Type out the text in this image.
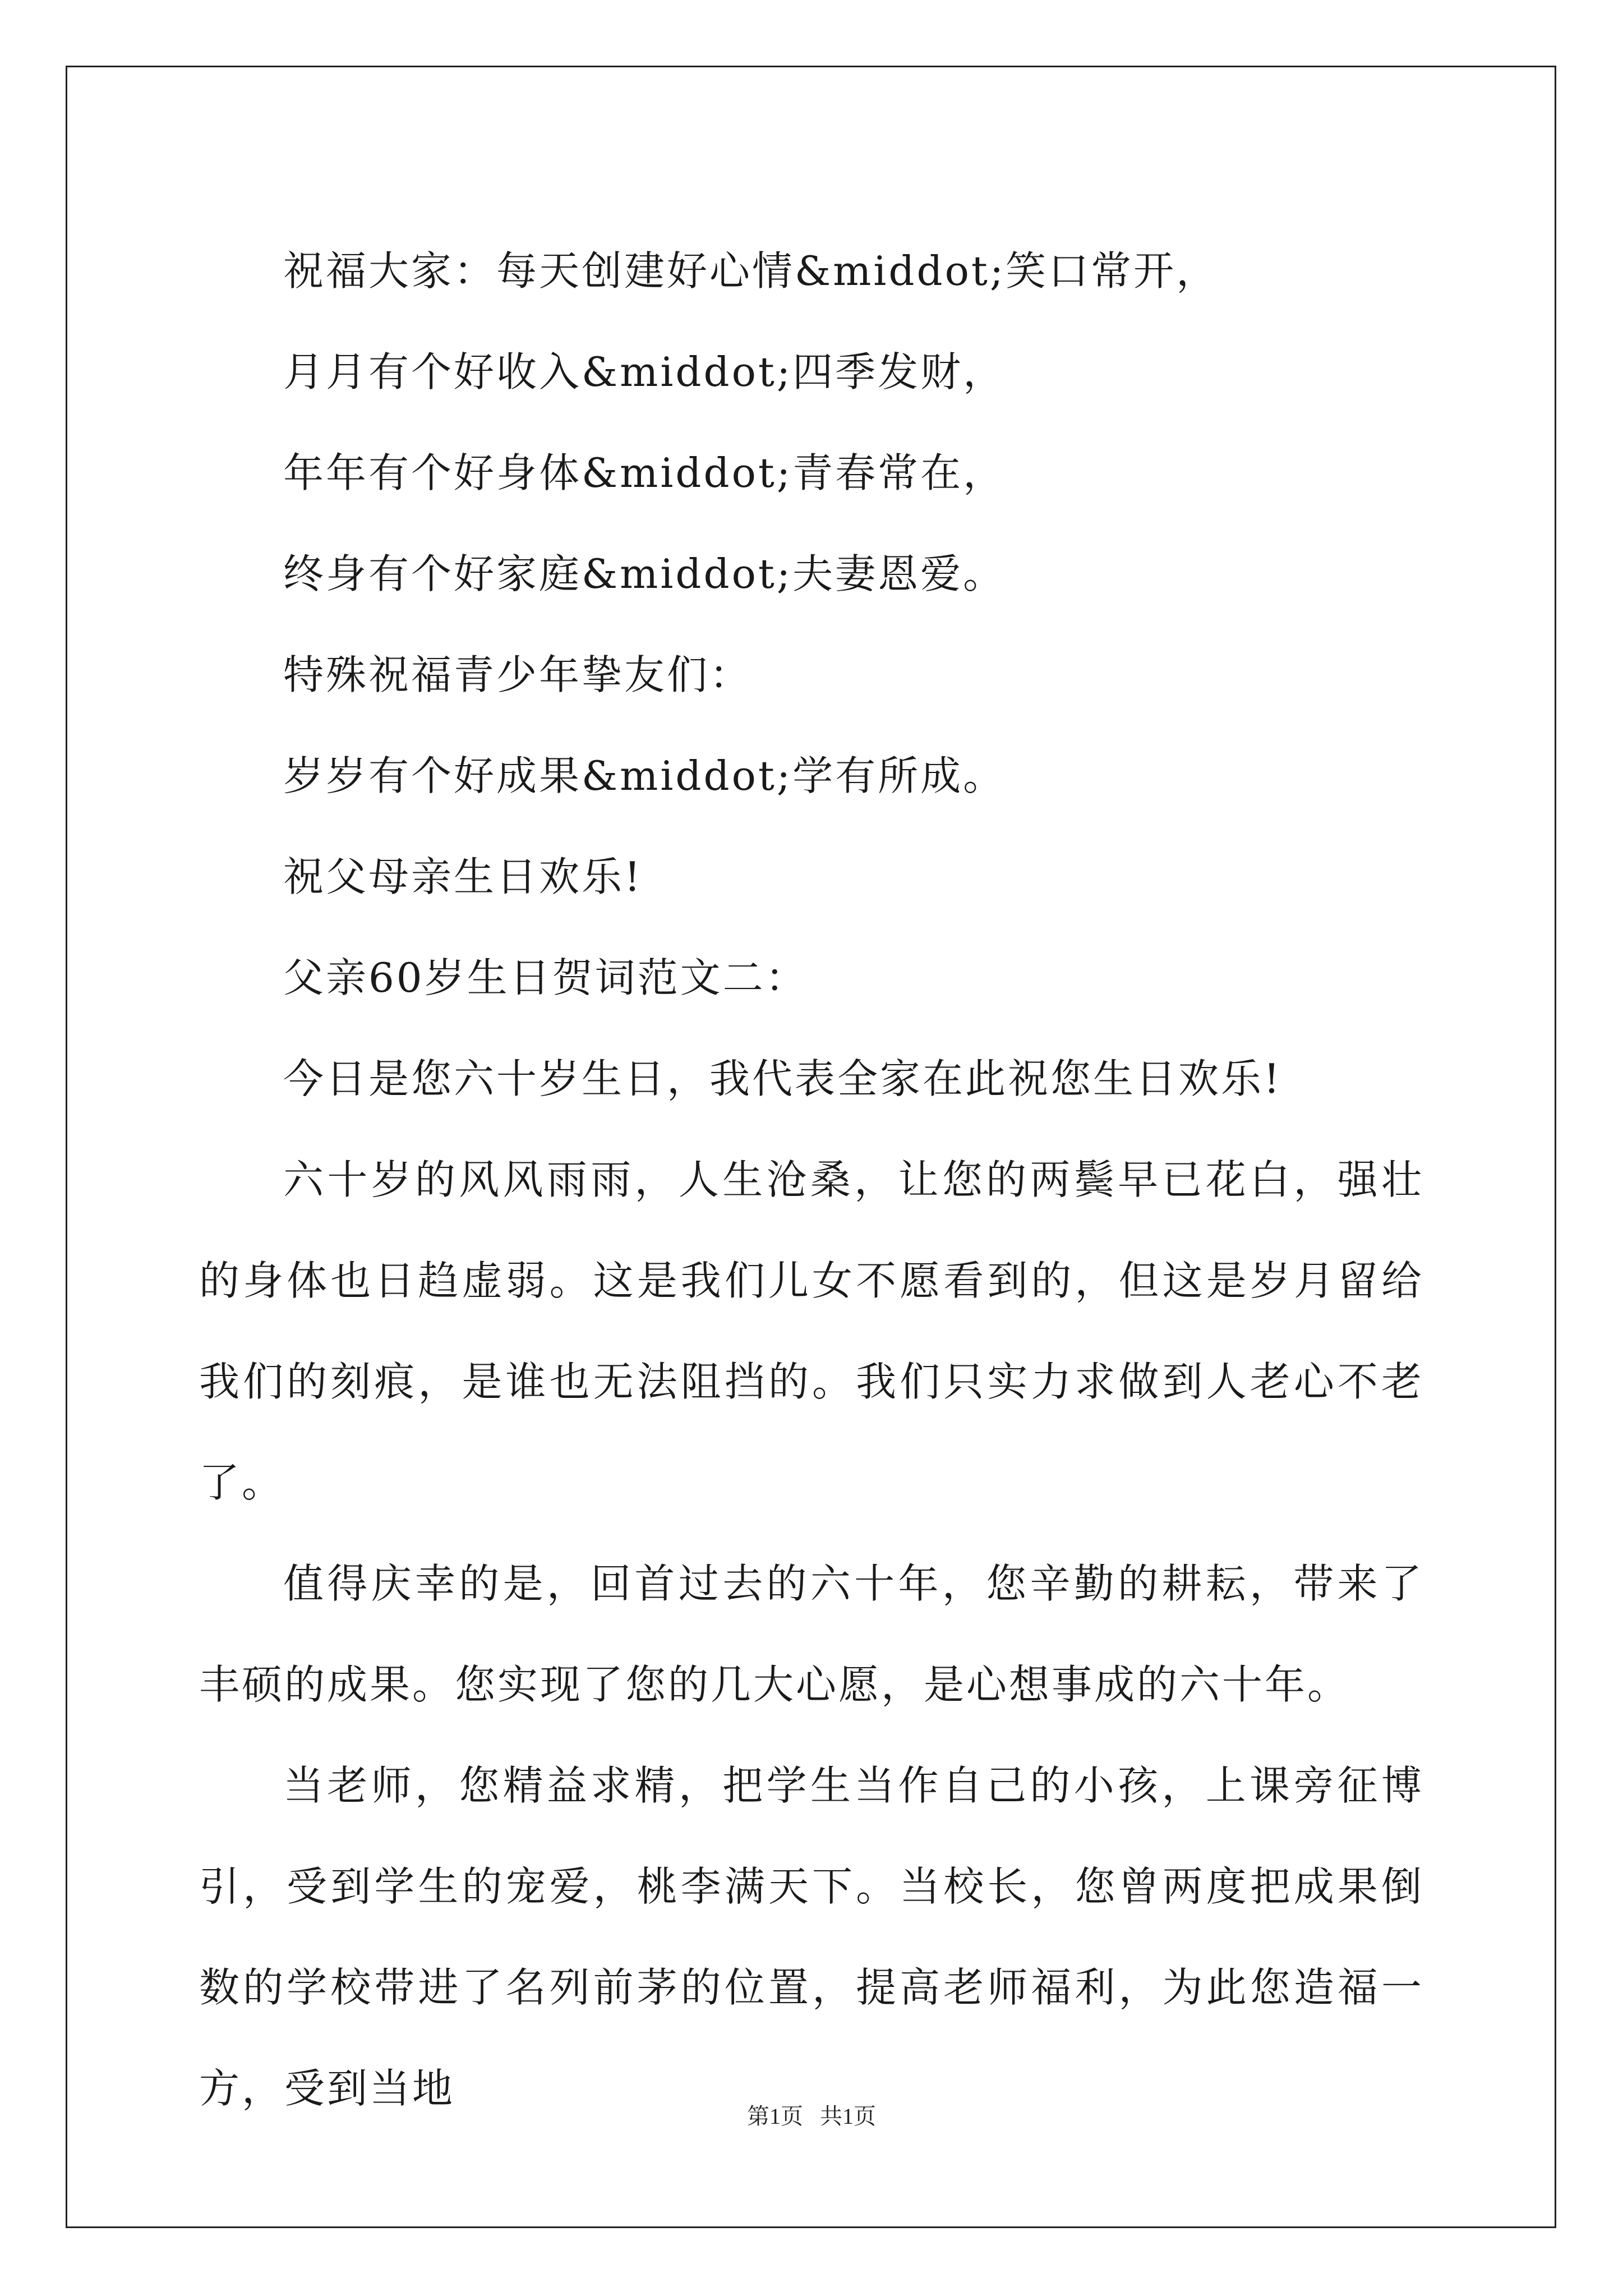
祝福大家：每天创建好心情&middot;笑口常开，

月月有个好收入&middot;四季发财，

年年有个好身体&middot;青春常在，

终身有个好家庭&middot;夫妻恩爱。

特殊祝福青少年挚友们：

岁岁有个好成果&middot;学有所成。

祝父母亲生日欢乐!

父亲60岁生日贺词范文二：

今日是您六十岁生日，我代表全家在此祝您生日欢乐!

六十岁的风风雨雨，人生沧桑，让您的两鬓早已花白，强壮的身体也日趋虚弱。这是我们儿女不愿看到的，但这是岁月留给我们的刻痕，是谁也无法阻挡的。我们只实力求做到人老心不老了。

值得庆幸的是，回首过去的六十年，您辛勤的耕耘，带来了丰硕的成果。您实现了您的几大心愿，是心想事成的六十年。

当老师，您精益求精，把学生当作自己的小孩，上课旁征博引，受到学生的宠爱，桃李满天下。当校长，您曾两度把成果倒数的学校带进了名列前茅的位置，提高老师福利，为此您造福一方，受到当地

第1页 共1页
